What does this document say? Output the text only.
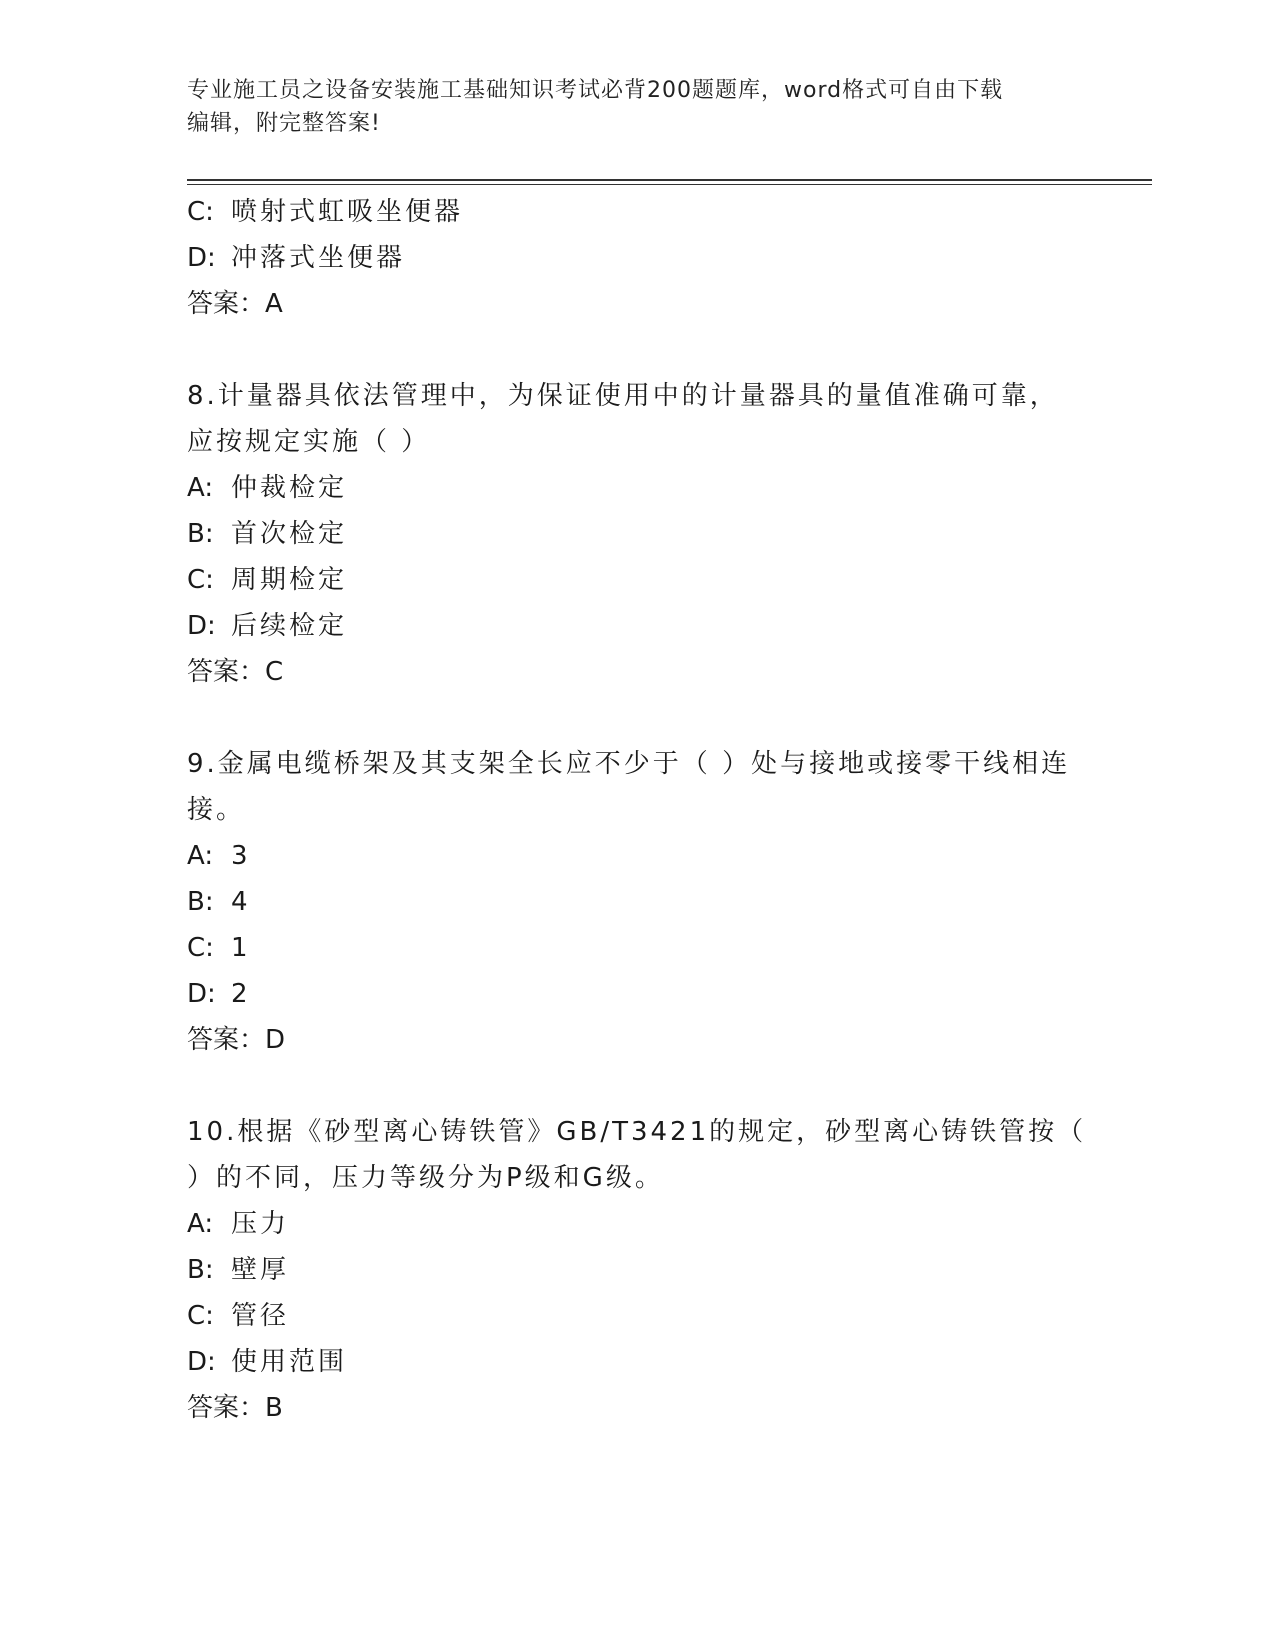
专业施工员之设备安装施工基础知识考试必背200题题库，word格式可自由下载
编辑，附完整答案!
C: 喷射式虹吸坐便器
D: 冲落式坐便器
答案：A
8.计量器具依法管理中，为保证使用中的计量器具的量值准确可靠，
应按规定实施（ ）
A: 仲裁检定
B: 首次检定
C: 周期检定
D: 后续检定
答案：C
9.金属电缆桥架及其支架全长应不少于（ ）处与接地或接零干线相连
接。
A: 3
B: 4
C: 1
D: 2
答案：D
10.根据《砂型离心铸铁管》GB/T3421的规定，砂型离心铸铁管按（
）的不同，压力等级分为P级和G级。
A: 压力
B: 壁厚
C: 管径
D: 使用范围
答案：B
